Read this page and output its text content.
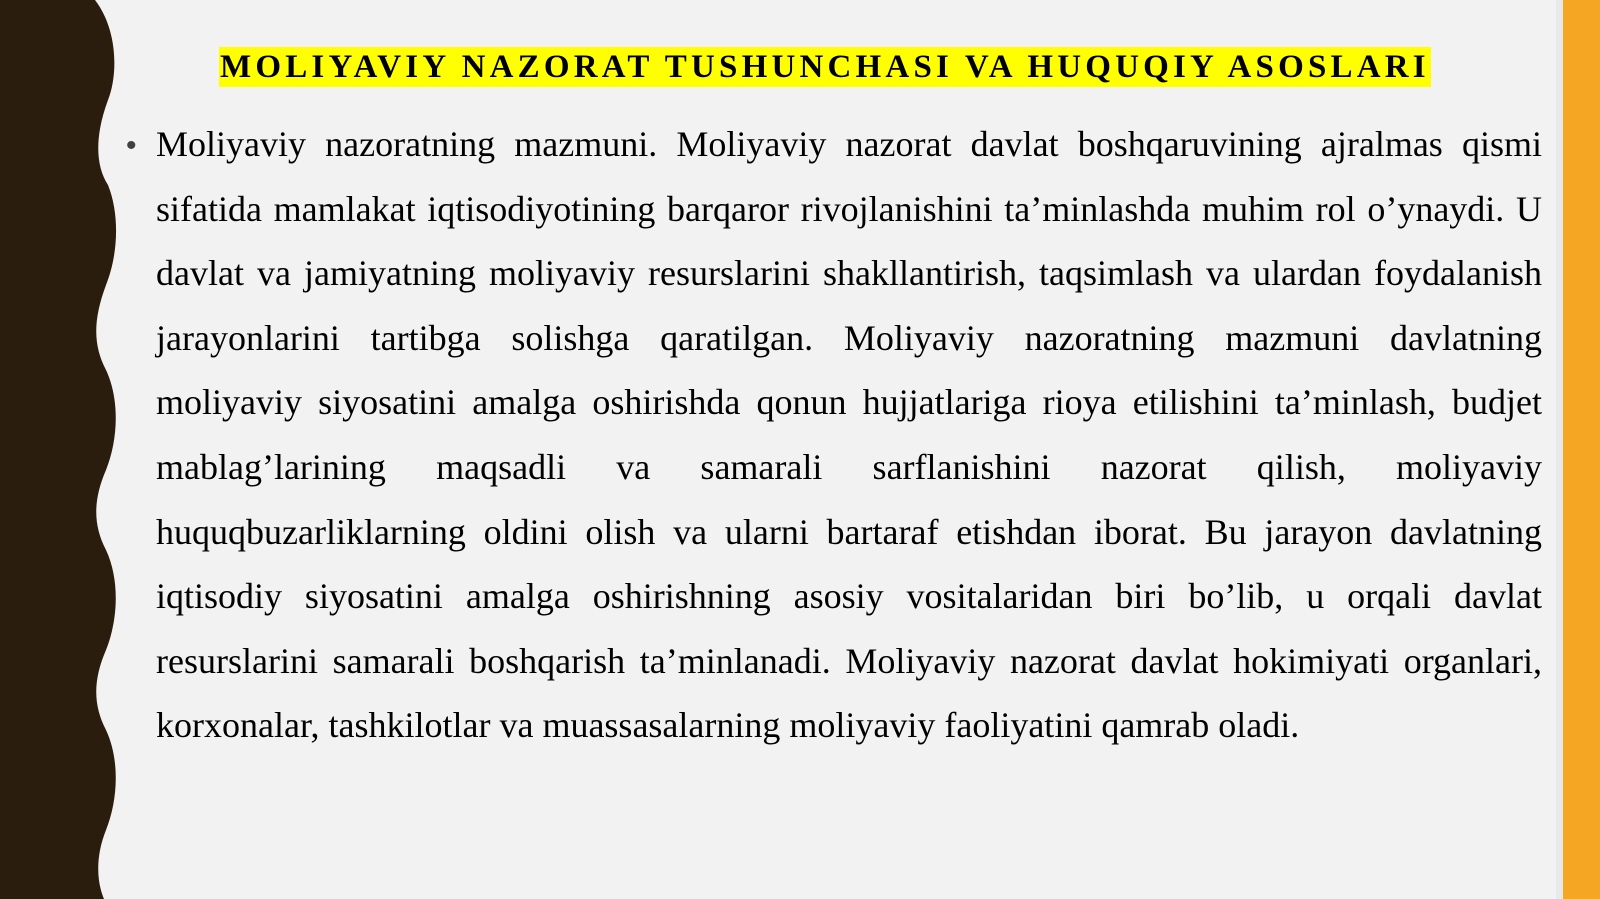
MOLIYAVIY NAZORAT TUSHUNCHASI VA HUQUQIY ASOSLARI
• Moliyaviy nazoratning mazmuni. Moliyaviy nazorat davlat boshqaruvining ajralmas qismi sifatida mamlakat iqtisodiyotining barqaror rivojlanishini ta’minlashda muhim rol o’ynaydi. U davlat va jamiyatning moliyaviy resurslarini shakllantirish, taqsimlash va ulardan foydalanish jarayonlarini tartibga solishga qaratilgan. Moliyaviy nazoratning mazmuni davlatning moliyaviy siyosatini amalga oshirishda qonun hujjatlariga rioya etilishini ta’minlash, budjet mablag’larining maqsadli va samarali sarflanishini nazorat qilish, moliyaviy huquqbuzarliklarning oldini olish va ularni bartaraf etishdan iborat. Bu jarayon davlatning iqtisodiy siyosatini amalga oshirishning asosiy vositalaridan biri bo’lib, u orqali davlat resurslarini samarali boshqarish ta’minlanadi. Moliyaviy nazorat davlat hokimiyati organlari, korxonalar, tashkilotlar va muassasalarning moliyaviy faoliyatini qamrab oladi.
